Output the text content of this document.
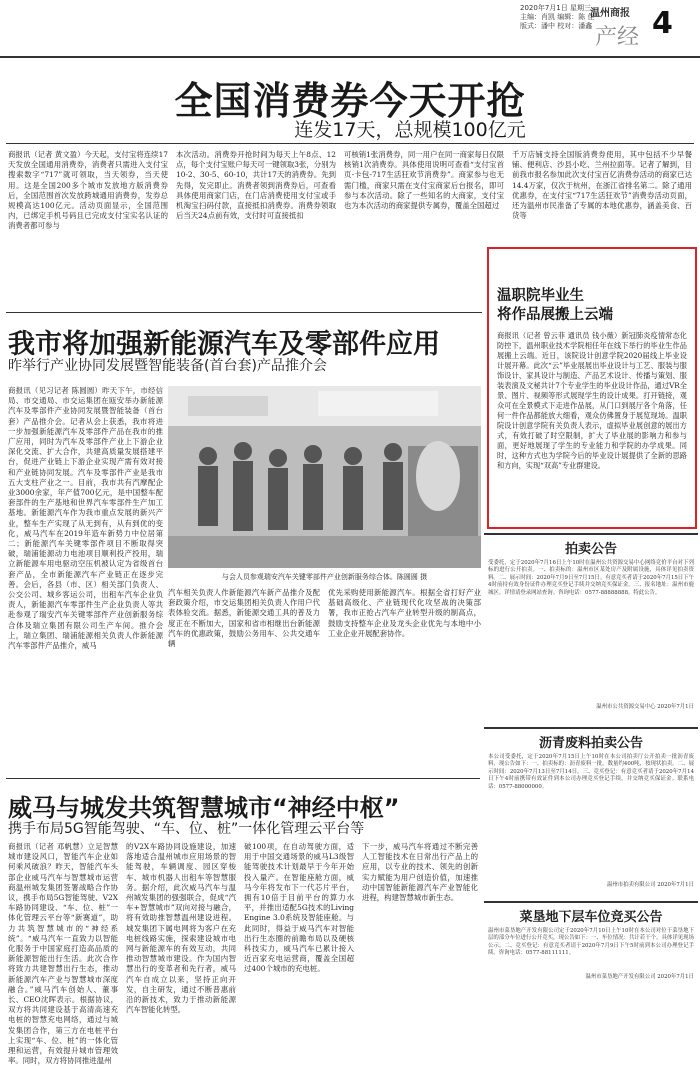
2020年7月1日 星期三
主编：肖凯 编辑：陈 佳
版式：潘中 校对：潘鑫
温州商报
产经 4
全国消费券今天开抢
连发17天，总规模100亿元
商报讯（记者 黄文盈）今天起，支付宝将连续17天发放全国通用消费券，消费者只需进入支付宝搜索数字“717”就可领取，当天领券，当天使用。这是全国200多个城市发放地方版消费券后，全国范围首次发放跨城通用消费券，发券总规模高达100亿元。活动页面显示，全国范围内，已绑定手机号码且已完成支付宝实名认证的消费者都可参与
本次活动。消费券开抢时间为每天上午8点、12点，每个支付宝账户每天可一键领取3张，分别为10-2、30-5、60-10，共计17天的消费券。先到先得，发完即止。消费者领到消费券后，可查看具体使用商家门店，在门店消费使用支付宝或手机淘宝扫码付款，直接抵扣消费券。消费券领取后当天24点前有效，支付时可直接抵扣
可核销1张消费券，同一用户在同一商家每日仅限核销1次消费券。具体使用说明可查看“支付宝首页-卡包-717生活狂欢节消费券”。商家参与也无需门槛，商家只需在支付宝商家后台报名，即可参与本次活动。除了一些知名的大商家，支付宝也为本次活动的商家提供专属券，覆盖全国超过
千万店铺支持全国版消费券使用，其中包括不少早餐铺、便利店、沙县小吃、兰州拉面等。记者了解到，目前我市报名参加此次支付宝百亿消费券活动的商家已达14.4万家，仅次于杭州，在浙江省排名第二。除了通用优惠券，在支付宝“717生活狂欢节”消费券活动页面，还为温州市民准备了专属的本地优惠券，涵盖美食、百货等
我市将加强新能源汽车及零部件应用
昨举行产业协同发展暨智能装备(首台套)产品推介会
商报讯（见习记者 陈圆圆）昨天下午，市经信局、市交通局、市交运集团在瓯安举办新能源汽车及零部件产业协同发展暨智能装备（首台套）产品推介会。记者从会上获悉，我市将进一步加强新能源汽车及零部件产品在我市的推广应用，同时为汽车及零部件产业上下游企业深化交流、扩大合作，共建高质量发展搭建平台，促进产业链上下游企业实现产需有效对接和产业链协同发展。汽车及零部件产业是我市五大支柱产业之一。目前，我市共有汽摩配企业3000余家，年产值700亿元，是中国整车配套部件的生产基地和世界汽车零部件生产加工基地。新能源汽车作为我市重点发展的新兴产业，整车生产实现了从无到有，从有到优的变化，威马汽车在2019年造车新势力中位居第二；新能源汽车关键零部件项目不断取得突破，瑞浦能源动力电池项目顺利投产投用，瑞立新能源车用电驱动空压机被认定为省级首台套产品，全市新能源汽车产业链正在逐步完善。会后，各县（市、区）相关部门负责人、公交公司、城乡客运公司，出租车汽车企业负责人，新能源汽车零部件生产企业负责人等共赴参观了瑞安汽车关键零部件产业创新服务综合体及瑞立集团有限公司生产车间。推介会上，瑞立集团、瑞浦能源相关负责人作新能源汽车零部件产品推介，威马
与会人员参观瑞安汽车关键零部件产业创新服务综合体。陈圆圆 摄
汽车相关负责人作新能源汽车新产品推介及配套政策介绍，市交运集团相关负责人作用户代表体验交流。据悉，新能源交通工具的普及力度正在不断加大，国家和省市相继出台新能源汽车的优惠政策，鼓励公务用车、公共交通车辆
优先采购使用新能源汽车。根据全省打好产业基础高级化、产业链现代化攻坚战的决策部署，我市正抢占汽车产业转型升级的制高点，鼓励支持整车企业及龙头企业优先与本地中小工业企业开展配套协作。
温职院毕业生
将作品展搬上云端
商报讯（记者 曾云菲 通讯员 钱小薇）新冠肺炎疫情常态化防控下，温州职业技术学院相任年在线下举行的毕业生作品展搬上云端。近日，该院设计创意学院2020届线上毕业设计展开幕。此次“云”毕业展展出毕业设计与工艺、服装与服饰设计、家具设计与制造、产品艺术设计、传播与策划、服装表演及文秘共计7个专业学生的毕业设计作品，通过VR全景、图片、视频等形式展现学生的设计成果。打开链接，观众可在全景模式下走进作品展，从门口到展厅各个角落，任何一件作品都能放大细看，观众仿佛置身于展览现场。温职院设计创意学院有关负责人表示，虚拟毕业展创意的展出方式，有效打破了时空限制，扩大了毕业展的影响力和参与面，更好地展现了学生的专业能力和学院的办学成果。同时，这种方式也为学院今后的毕业设计展提供了全新的思路和方向，实现“双高”专业群建设。
拍卖公告
受委托，定于2020年7月16日上午10时在温州公共资源交易中心网络竞价平台对下列标的进行公开拍卖。一、拍卖标的：温州市区某处房产及附属设施，具体详见拍卖资料。二、展示时间：2020年7月9日至7月15日。有意竞买者请于2020年7月15日下午4时前持有效身份证件办理竞买登记手续并交纳竞买保证金。三、报名地址：温州市鹿城区。详情请登录网站查询。咨询电话：0577-88888888。特此公告。
温州市公共资源交易中心 2020年7月1日
沥青废料拍卖公告
本公司受委托，定于2020年7月15日上午10时在本公司拍卖厅公开拍卖一批沥青废料，现公告如下：一、拍卖标的：沥青废料一批，数量约400吨，按现状拍卖。二、展示时间：2020年7月13日至7月14日。三、竞买登记：有意竞买者请于2020年7月14日下午4时前携带有效证件到本公司办理竞买登记手续，并交纳竞买保证金。联系电话：0577-88000000。
温州市拍卖有限公司 2020年7月1日
菜垦地下层车位竞买公告
温州市菜垦地产开发有限公司定于2020年7月10日上午10时在本公司对位于菜垦地下层的部分车位进行公开竞买，现公告如下：一、车位情况：共计若干个，具体详见现场公示。二、竞买登记：有意竞买者请于2020年7月9日下午5时前到本公司办理登记手续。咨询电话：0577-88111111。
温州市菜垦地产开发有限公司 2020年7月1日
威马与城发共筑智慧城市“神经中枢”
携手布局5G智能驾驶、“车、位、桩”一体化管理云平台等
商报讯（记者 邓帆慧）立足智慧城市建设风口，智能汽车企业如何乘风破浪？昨天，智能汽车头部企业威马汽车与智慧城市运营商温州城发集团签署战略合作协议，携手布局5G智能驾驶、V2X车路协同建设、“车、位、桩”一体化管理云平台等“新赛道”，助力共筑智慧城市的“神经系统”。“威马汽车一直致力以智能化服务于中国家庭打造高品质的新能源智能出行生活。此次合作将致力共建智慧出行生态，推动新能源汽车产业与智慧城市深度融合。”威马汽车创始人、董事长、CEO沈晖表示。根据协议，双方将共同建设基于高清高速充电桩的智慧充电网络，通过与城发集团合作，第三方在电桩平台上实现“车、位、桩”的一体化管理和运营，有效提升城市管理效率。同时，双方将协同推进温州
的V2X车路协同设施建设，加速落地适合温州城市应用场景的智能驾驶，车辆调度、园区穿梭车、城市机器人出租车等智慧服务。据介绍，此次威马汽车与温州城发集团的强强联合，促成“汽车+智慧城市”双向对接与融合，将有效助推智慧温州建设进程。城发集团下属电网将为客户在充电桩线路实施，探索建设城市电网与新能源车的有效互动，共同推动智慧城市建设。作为国内智慧出行的变革者和先行者，威马汽车自成立以来，坚持正向开发，自主研发，通过不断普惠前沿的新技术，致力于推动新能源汽车智能化转型。
破100项，在自动驾驶方面，适用于中国交通场景的威马L3级智能驾驶技术计划最早于今年开始投入量产。在智能座舱方面，威马今年将发布下一代芯片平台，拥有10倍于目前平台的算力水平，并推出适配5G技术的Living Engine 3.0系统及智能座舱。与此同时，得益于威马汽车对智能出行生态圈的前瞻布局以及硬核科技实力，威马汽车已累计接入近百家充电运营商，覆盖全国超过400个城市的充电桩。
下一步，威马汽车将通过不断完善人工智能技术在日常出行产品上的应用，以专业的技术、领先的创新实力赋能为用户创造价值，加速推动中国智能新能源汽车产业智能化进程，构建智慧城市新生态。
